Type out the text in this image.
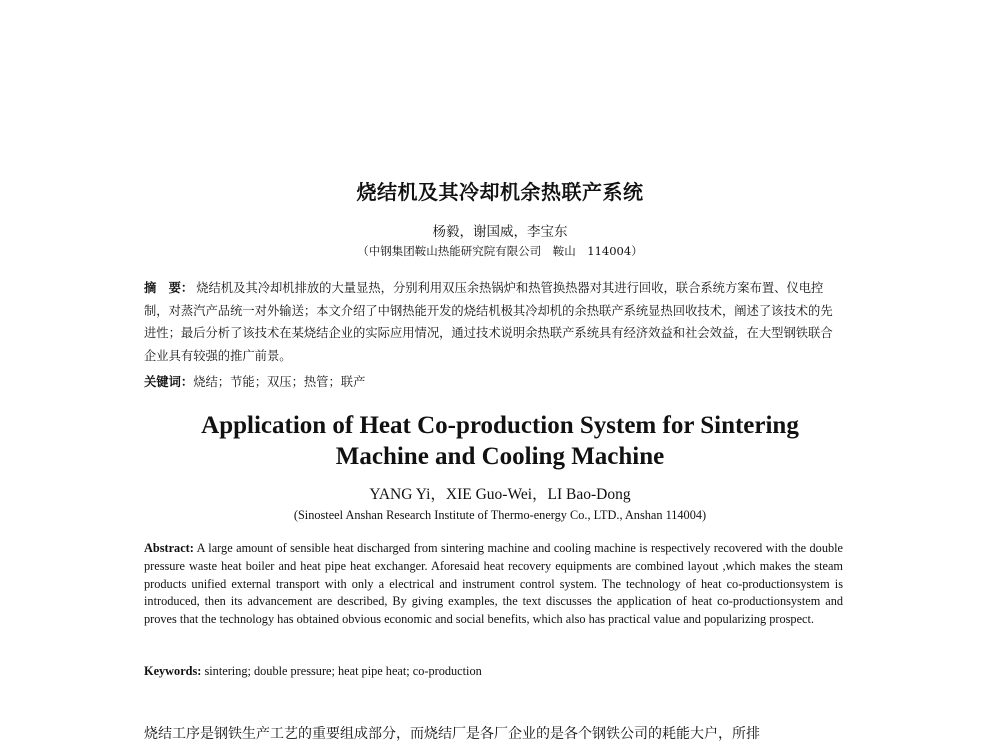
烧结机及其冷却机余热联产系统

杨毅，谢国威，李宝东

（中钢集团鞍山热能研究院有限公司　鞍山　114004）

摘　要： 烧结机及其冷却机排放的大量显热，分别利用双压余热锅炉和热管换热器对其进行回收，联合系统方案布置、仪电控制，对蒸汽产品统一对外输送；本文介绍了中钢热能开发的烧结机极其冷却机的余热联产系统显热回收技术，阐述了该技术的先进性；最后分析了该技术在某烧结企业的实际应用情况，通过技术说明余热联产系统具有经济效益和社会效益，在大型钢铁联合企业具有较强的推广前景。

关键词：烧结；节能；双压；热管；联产

Application of Heat Co-production System for Sintering
Machine and Cooling Machine

YANG Yi，XIE Guo-Wei，LI Bao-Dong

(Sinosteel Anshan Research Institute of Thermo-energy Co., LTD., Anshan 114004)

Abstract: A large amount of sensible heat discharged from sintering machine and cooling machine is respectively recovered with the double pressure waste heat boiler and heat pipe heat exchanger. Aforesaid heat recovery equipments are combined layout ,which makes the steam products unified external transport with only a electrical and instrument control system. The technology of heat co-productionsystem is introduced, then its advancement are described, By giving examples, the text discusses the application of heat co-productionsystem and proves that the technology has obtained obvious economic and social benefits, which also has practical value and popularizing prospect.

Keywords: sintering; double pressure; heat pipe heat; co-production

烧结工序是钢铁生产工艺的重要组成部分，而烧结厂是各厂企业的是各个钢铁公司的耗能大户，所排
